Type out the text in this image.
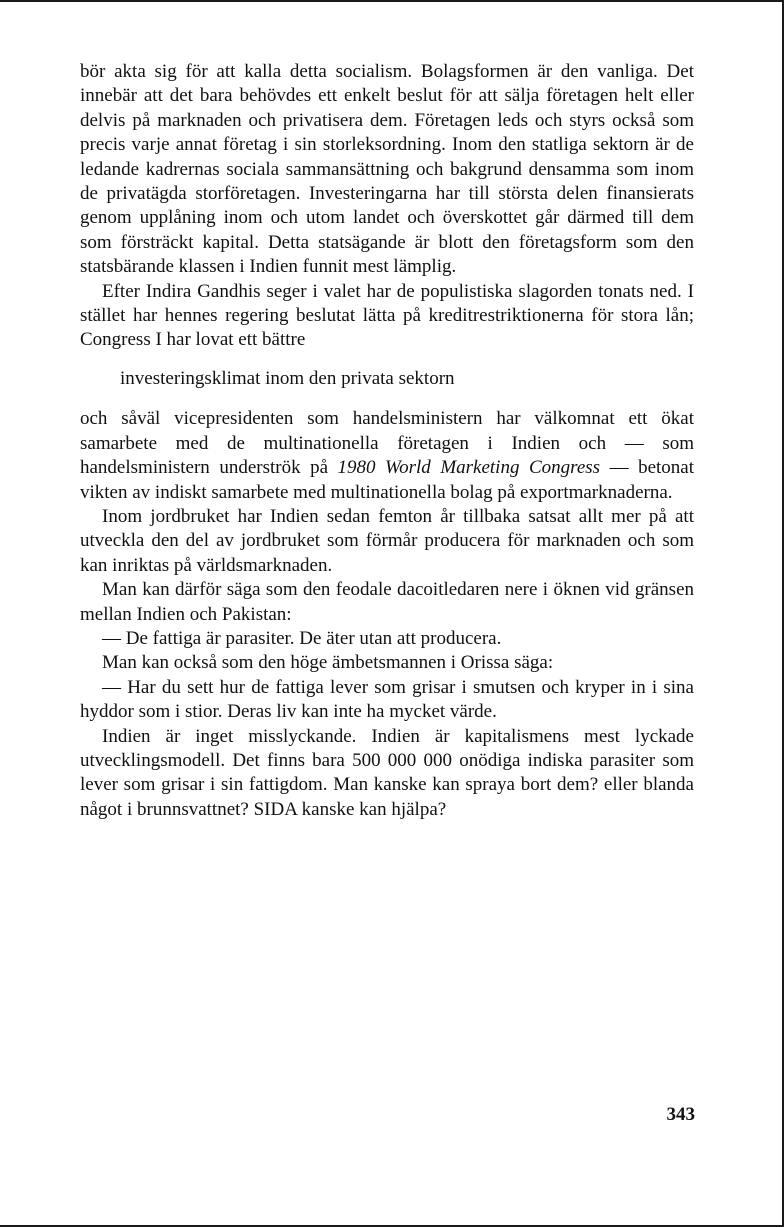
bör akta sig för att kalla detta socialism. Bolagsformen är den vanliga. Det innebär att det bara behövdes ett enkelt beslut för att sälja företagen helt eller delvis på marknaden och privatisera dem. Företagen leds och styrs också som precis varje annat företag i sin storleksordning. Inom den statliga sektorn är de ledande kadrernas sociala sammansättning och bakgrund densamma som inom de privatägda storföretagen. Investeringarna har till största delen finansierats genom upplåning inom och utom landet och överskottet går därmed till dem som försträckt kapital. Detta statsägande är blott den företagsform som den statsbärande klassen i Indien funnit mest lämplig.

Efter Indira Gandhis seger i valet har de populistiska slagorden tonats ned. I stället har hennes regering beslutat lätta på kreditrestriktionerna för stora lån; Congress I har lovat ett bättre

investeringsklimat inom den privata sektorn

och såväl vicepresidenten som handelsministern har välkomnat ett ökat samarbete med de multinationella företagen i Indien och — som handelsministern underströk på 1980 World Marketing Congress — betonat vikten av indiskt samarbete med multinationella bolag på exportmarknaderna.

Inom jordbruket har Indien sedan femton år tillbaka satsat allt mer på att utveckla den del av jordbruket som förmår producera för marknaden och som kan inriktas på världsmarknaden.

Man kan därför säga som den feodale dacoitledaren nere i öknen vid gränsen mellan Indien och Pakistan:

— De fattiga är parasiter. De äter utan att producera.

Man kan också som den höge ämbetsmannen i Orissa säga:

— Har du sett hur de fattiga lever som grisar i smutsen och kryper in i sina hyddor som i stior. Deras liv kan inte ha mycket värde.

Indien är inget misslyckande. Indien är kapitalismens mest lyckade utvecklingsmodell. Det finns bara 500 000 000 onödiga indiska parasiter som lever som grisar i sin fattigdom. Man kanske kan spraya bort dem? eller blanda något i brunnsvattnet? SIDA kanske kan hjälpa?

343
